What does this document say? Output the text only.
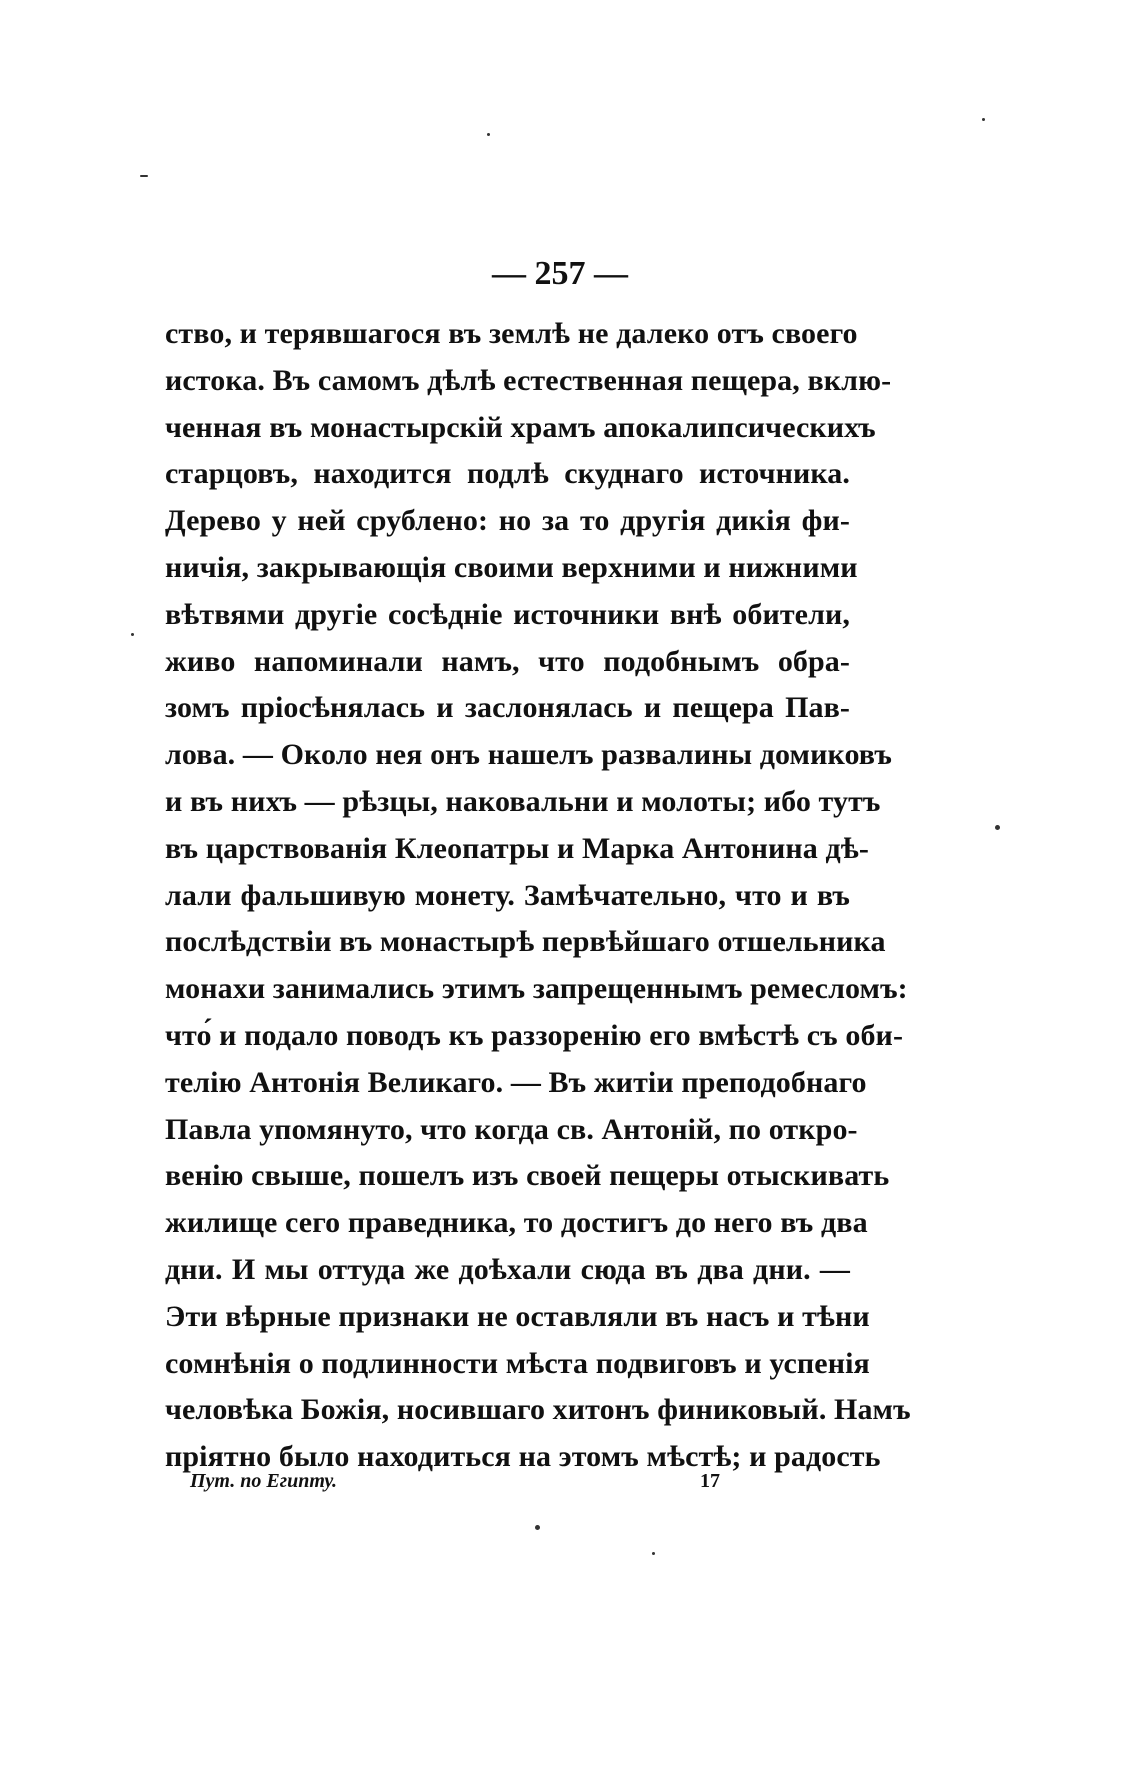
— 257 —
ство, и терявшагося въ землѣ не далеко отъ своего
истока. Въ самомъ дѣлѣ естественная пещера, вклю-
ченная въ монастырскій храмъ апокалипсическихъ
старцовъ, находится подлѣ скуднаго источника.
Дерево у ней срублено: но за то другія дикія фи-
ничія, закрывающія своими верхними и нижними
вѣтвями другіе сосѣдніе источники внѣ обители,
живо напоминали намъ, что подобнымъ обра-
зомъ пріосѣнялась и заслонялась и пещера Пав-
лова. — Около нея онъ нашелъ развалины домиковъ
и въ нихъ — рѣзцы, наковальни и молоты; ибо тутъ
въ царствованія Клеопатры и Марка Антонина дѣ-
лали фальшивую монету. Замѣчательно, что и въ
послѣдствіи въ монастырѣ первѣйшаго отшельника
монахи занимались этимъ запрещеннымъ ремесломъ:
что́ и подало поводъ къ раззоренію его вмѣстѣ съ оби-
телію Антонія Великаго. — Въ житіи преподобнаго
Павла упомянуто, что когда св. Антоній, по откро-
венію свыше, пошелъ изъ своей пещеры отыскивать
жилище сего праведника, то достигъ до него въ два
дни. И мы оттуда же доѣхали сюда въ два дни. —
Эти вѣрные признаки не оставляли въ насъ и тѣни
сомнѣнія о подлинности мѣста подвиговъ и успенія
человѣка Божія, носившаго хитонъ финиковый. Намъ
пріятно было находиться на этомъ мѣстѣ; и радость
Пут. по Египту.	17
